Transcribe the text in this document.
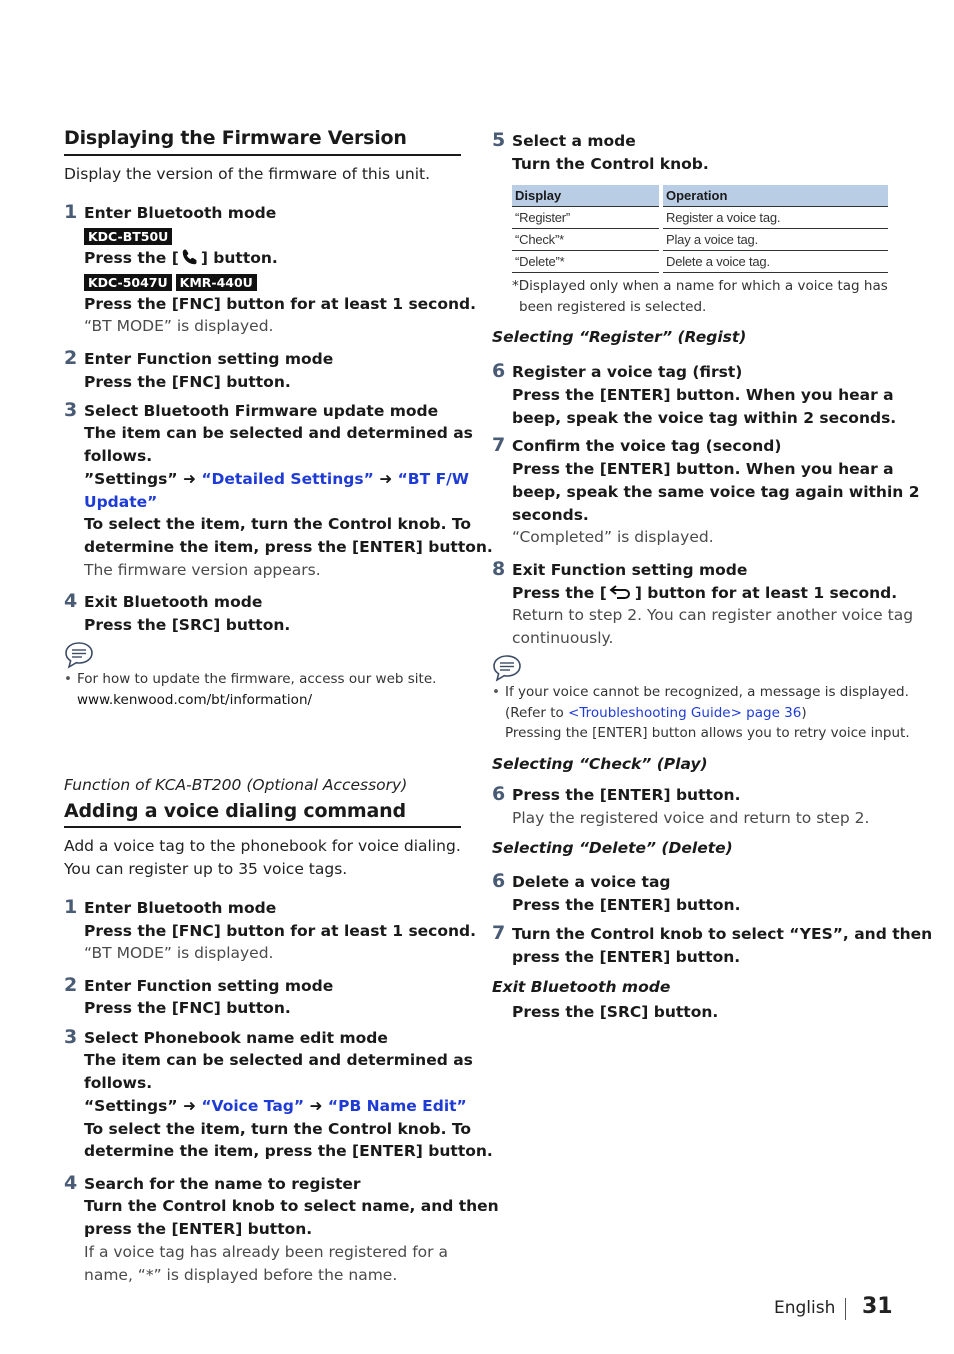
Displaying the Firmware Version
Display the version of the firmware of this unit.
1 Enter Bluetooth mode
KDC-BT50U
Press the [ ] button.
KDC-5047U KMR-440U
Press the [FNC] button for at least 1 second.
“BT MODE” is displayed.
2 Enter Function setting mode
Press the [FNC] button.
3 Select Bluetooth Firmware update mode
The item can be selected and determined as
follows.
”Settings” ➜ “Detailed Settings” ➜ “BT F/W
Update”
To select the item, turn the Control knob. To
determine the item, press the [ENTER] button.
The firmware version appears.
4 Exit Bluetooth mode
Press the [SRC] button.
• For how to update the firmware, access our web site.
www.kenwood.com/bt/information/
Function of KCA-BT200 (Optional Accessory)
Adding a voice dialing command
Add a voice tag to the phonebook for voice dialing.
You can register up to 35 voice tags.
1 Enter Bluetooth mode
Press the [FNC] button for at least 1 second.
“BT MODE” is displayed.
2 Enter Function setting mode
Press the [FNC] button.
3 Select Phonebook name edit mode
The item can be selected and determined as
follows.
“Settings” ➜ “Voice Tag” ➜ “PB Name Edit”
To select the item, turn the Control knob. To
determine the item, press the [ENTER] button.
4 Search for the name to register
Turn the Control knob to select name, and then
press the [ENTER] button.
If a voice tag has already been registered for a
name, “*” is displayed before the name.
5 Select a mode
Turn the Control knob.
Display	Operation
“Register”	Register a voice tag.
“Check”*	Play a voice tag.
“Delete”*	Delete a voice tag.
*Displayed only when a name for which a voice tag has
been registered is selected.
Selecting “Register” (Regist)
6 Register a voice tag (first)
Press the [ENTER] button. When you hear a
beep, speak the voice tag within 2 seconds.
7 Confirm the voice tag (second)
Press the [ENTER] button. When you hear a
beep, speak the same voice tag again within 2
seconds.
“Completed” is displayed.
8 Exit Function setting mode
Press the [ ] button for at least 1 second.
Return to step 2. You can register another voice tag
continuously.
• If your voice cannot be recognized, a message is displayed.
(Refer to <Troubleshooting Guide> page 36)
Pressing the [ENTER] button allows you to retry voice input.
Selecting “Check” (Play)
6 Press the [ENTER] button.
Play the registered voice and return to step 2.
Selecting “Delete” (Delete)
6 Delete a voice tag
Press the [ENTER] button.
7 Turn the Control knob to select “YES”, and then
press the [ENTER] button.
Exit Bluetooth mode
Press the [SRC] button.
English 31
